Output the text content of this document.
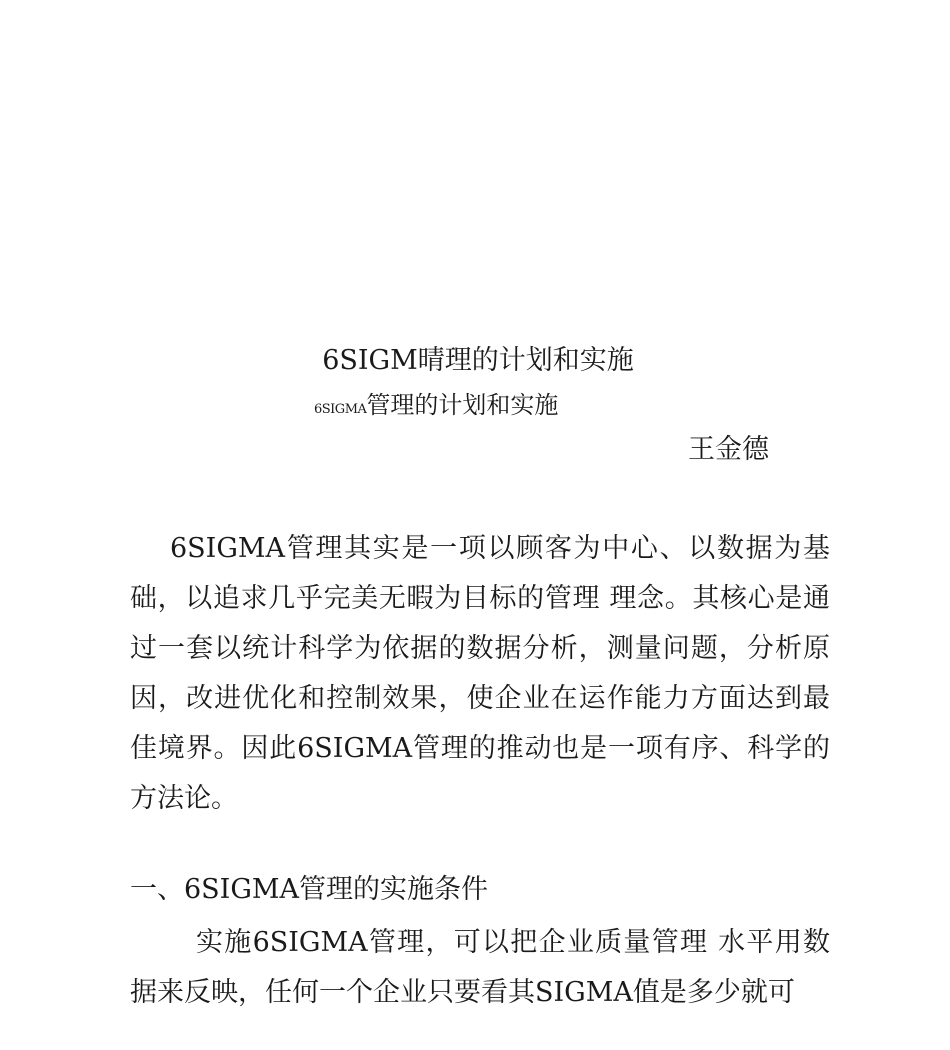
6SIGM晴理的计划和实施
6SIGMA管理的计划和实施
王金德

6SIGMA管理其实是一项以顾客为中心、以数据为基础，以追求几乎完美无暇为目标的管理 理念。其核心是通过一套以统计科学为依据的数据分析，测量问题，分析原因，改进优化和控制效果，使企业在运作能力方面达到最佳境界。因此6SIGMA管理的推动也是一项有序、科学的方法论。

一、6SIGMA管理的实施条件

实施6SIGMA管理，可以把企业质量管理 水平用数据来反映，任何一个企业只要看其SIGMA值是多少就可
